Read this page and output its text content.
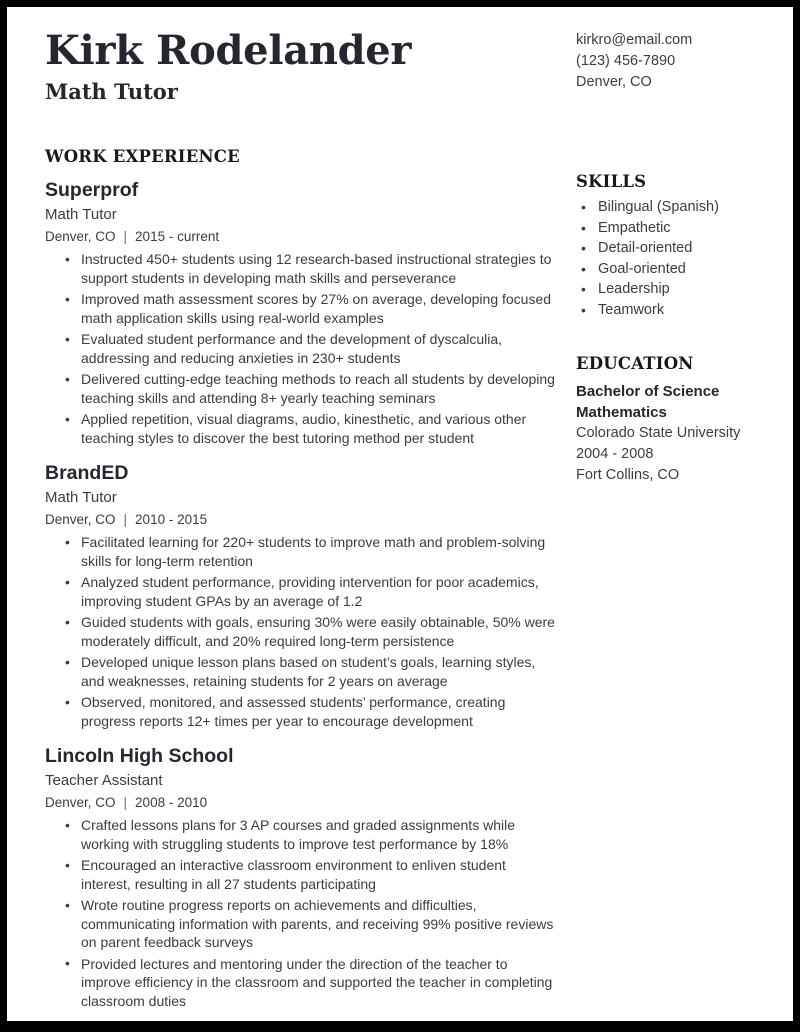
Kirk Rodelander
Math Tutor
WORK EXPERIENCE
Superprof
Math Tutor
Denver, CO | 2015 - current
• Instructed 450+ students using 12 research-based instructional strategies to support students in developing math skills and perseverance
• Improved math assessment scores by 27% on average, developing focused math application skills using real-world examples
• Evaluated student performance and the development of dyscalculia, addressing and reducing anxieties in 230+ students
• Delivered cutting-edge teaching methods to reach all students by developing teaching skills and attending 8+ yearly teaching seminars
• Applied repetition, visual diagrams, audio, kinesthetic, and various other teaching styles to discover the best tutoring method per student
BrandED
Math Tutor
Denver, CO | 2010 - 2015
• Facilitated learning for 220+ students to improve math and problem-solving skills for long-term retention
• Analyzed student performance, providing intervention for poor academics, improving student GPAs by an average of 1.2
• Guided students with goals, ensuring 30% were easily obtainable, 50% were moderately difficult, and 20% required long-term persistence
• Developed unique lesson plans based on student’s goals, learning styles, and weaknesses, retaining students for 2 years on average
• Observed, monitored, and assessed students’ performance, creating progress reports 12+ times per year to encourage development
Lincoln High School
Teacher Assistant
Denver, CO | 2008 - 2010
• Crafted lessons plans for 3 AP courses and graded assignments while working with struggling students to improve test performance by 18%
• Encouraged an interactive classroom environment to enliven student interest, resulting in all 27 students participating
• Wrote routine progress reports on achievements and difficulties, communicating information with parents, and receiving 99% positive reviews on parent feedback surveys
• Provided lectures and mentoring under the direction of the teacher to improve efficiency in the classroom and supported the teacher in completing classroom duties
kirkro@email.com
(123) 456-7890
Denver, CO
SKILLS
• Bilingual (Spanish)
• Empathetic
• Detail-oriented
• Goal-oriented
• Leadership
• Teamwork
EDUCATION
Bachelor of Science
Mathematics
Colorado State University
2004 - 2008
Fort Collins, CO
